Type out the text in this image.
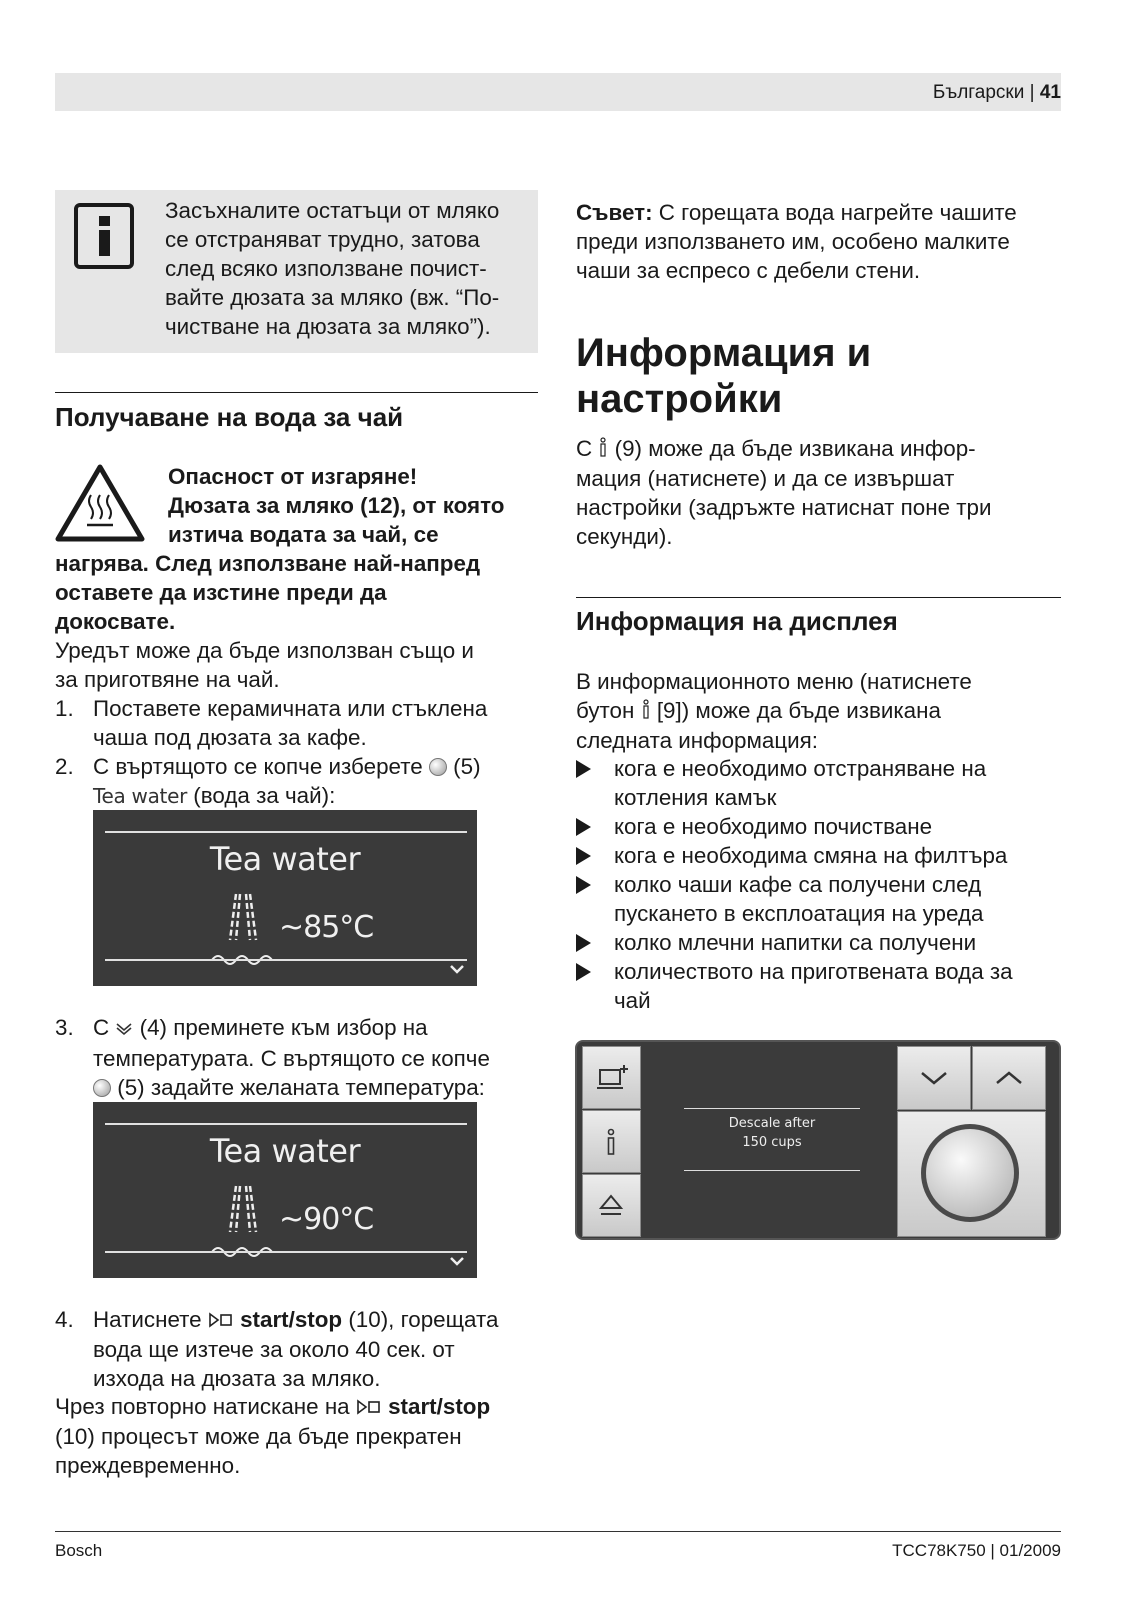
Български | 41
Засъхналите остатъци от мляко
се отстраняват трудно, затова
след всяко използване почист-
вайте дюзата за мляко (вж. “По-
чистване на дюзата за мляко”).
Получаване на вода за чай
Опасност от изгаряне!
Дюзата за мляко (12), от която
изтича водата за чай, се
нагрява. След използване най-напред
оставете да изстине преди да
докосвате.
Уредът може да бъде използван също и
за приготвяне на чай.
1. Поставете керамичната или стъклена
чаша под дюзата за кафе.
2. С въртящото се копче изберете (5)
Tea water (вода за чай):
Tea water
~85°C
3. С (4) преминете към избор на
температурата. С въртящото се копче
(5) задайте желаната температура:
Tea water
~90°C
4. Натиснете start/stop (10), горещата
вода ще изтече за около 40 сек. от
изхода на дюзата за мляко.
Чрез повторно натискане на start/stop
(10) процесът може да бъде прекратен
преждевременно.
Съвет: С горещата вода нагрейте чашите
преди използването им, особено малките
чаши за еспресо с дебели стени.
Информация и
настройки
С (9) може да бъде извикана инфор-
мация (натиснете) и да се извършат
настройки (задръжте натиснат поне три
секунди).
Информация на дисплея
В информационното меню (натиснете
бутон [9]) може да бъде извикана
следната информация:
кога е необходимо отстраняване на
котления камък
кога е необходимо почистване
кога е необходима смяна на филтъра
колко чаши кафе са получени след
пускането в експлоатация на уреда
колко млечни напитки са получени
количеството на приготвената вода за
чай
Descale after
150 cups
Bosch	TCC78K750 | 01/2009
